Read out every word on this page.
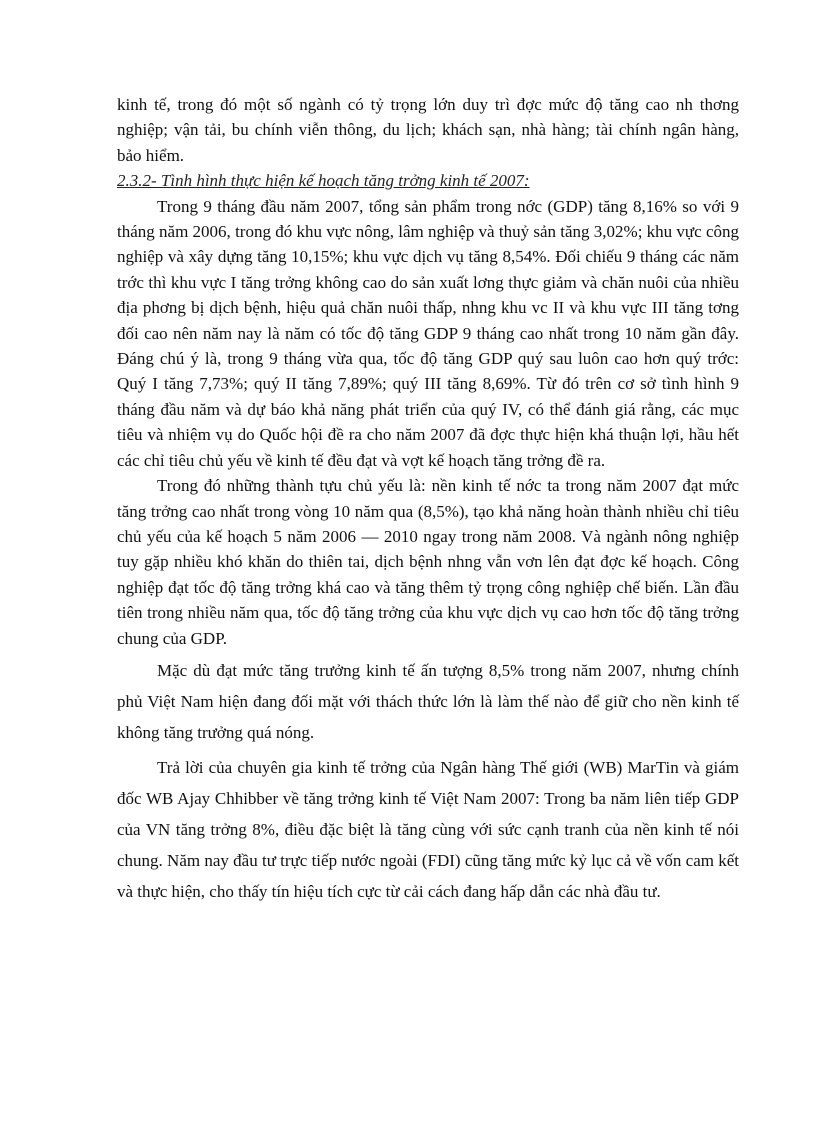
kinh tế, trong đó một số ngành có tỷ trọng lớn duy trì đợc mức độ tăng cao nh thơng nghiệp; vận tải, bu chính viễn thông, du lịch; khách sạn, nhà hàng; tài chính ngân hàng, bảo hiểm.

2.3.2- Tình hình thực hiện kế hoạch tăng trởng kinh tế 2007:

Trong 9 tháng đầu năm 2007, tổng sản phẩm trong nớc (GDP) tăng 8,16% so với 9 tháng năm 2006, trong đó khu vực nông, lâm nghiệp và thuỷ sản tăng 3,02%; khu vực công nghiệp và xây dựng tăng 10,15%; khu vực dịch vụ tăng 8,54%. Đối chiếu 9 tháng các năm trớc thì khu vực I tăng trởng không cao do sản xuất lơng thực giảm và chăn nuôi của nhiều địa phơng bị dịch bệnh, hiệu quả chăn nuôi thấp, nhng khu vc II và khu vực III tăng tơng đối cao nên năm nay là năm có tốc độ tăng GDP 9 tháng cao nhất trong 10 năm gần đây. Đáng chú ý là, trong 9 tháng vừa qua, tốc độ tăng GDP quý sau luôn cao hơn quý trớc: Quý I tăng 7,73%; quý II tăng 7,89%; quý III tăng 8,69%. Từ đó trên cơ sở tình hình 9 tháng đầu năm và dự báo khả năng phát triển của quý IV, có thể đánh giá rằng, các mục tiêu và nhiệm vụ do Quốc hội đề ra cho năm 2007 đã đợc thực hiện khá thuận lợi, hầu hết các chỉ tiêu chủ yếu về kinh tế đều đạt và vợt kế hoạch tăng trởng đề ra.

Trong đó những thành tựu chủ yếu là: nền kinh tế nớc ta trong năm 2007 đạt mức tăng trởng cao nhất trong vòng 10 năm qua (8,5%), tạo khả năng hoàn thành nhiều chỉ tiêu chủ yếu của kế hoạch 5 năm 2006 — 2010 ngay trong năm 2008. Và ngành nông nghiệp tuy gặp nhiều khó khăn do thiên tai, dịch bệnh nhng vẫn vơn lên đạt đợc kế hoạch. Công nghiệp đạt tốc độ tăng trởng khá cao và tăng thêm tỷ trọng công nghiệp chế biến. Lần đầu tiên trong nhiều năm qua, tốc độ tăng trởng của khu vực dịch vụ cao hơn tốc độ tăng trởng chung của GDP.

Mặc dù đạt mức tăng trưởng kinh tế ấn tượng 8,5% trong năm 2007, nhưng chính phủ Việt Nam hiện đang đối mặt với thách thức lớn là làm thế nào để giữ cho nền kinh tế không tăng trưởng quá nóng.

Trả lời của chuyên gia kinh tế trởng của Ngân hàng Thế giới (WB) MarTin và giám đốc WB Ajay Chhibber về tăng trởng kinh tế Việt Nam 2007: Trong ba năm liên tiếp GDP của VN tăng trởng 8%, điều đặc biệt là tăng cùng với sức cạnh tranh của nền kinh tế nói chung. Năm nay đầu tư trực tiếp nước ngoài (FDI) cũng tăng mức kỷ lục cả về vốn cam kết và thực hiện, cho thấy tín hiệu tích cực từ cải cách đang hấp dẫn các nhà đầu tư.
